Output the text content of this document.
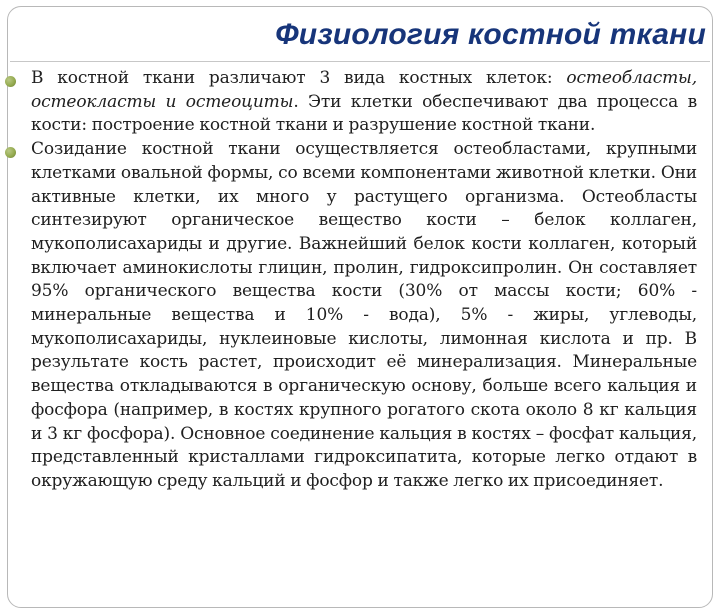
Физиология костной ткани
В костной ткани различают 3 вида костных клеток: остеобласты, остеокласты и остеоциты. Эти клетки обеспечивают два процесса в кости: построение костной ткани и разрушение костной ткани.
Созидание костной ткани осуществляется остеобластами, крупными клетками овальной формы, со всеми компонентами животной клетки. Они активные клетки, их много у растущего организма. Остеобласты синтезируют органическое вещество кости – белок коллаген, мукополисахариды и другие. Важнейший белок кости коллаген, который включает аминокислоты глицин, пролин, гидроксипролин. Он составляет 95% органического вещества кости (30% от массы кости; 60% - минеральные вещества и 10% - вода), 5% - жиры, углеводы, мукополисахариды, нуклеиновые кислоты, лимонная кислота и пр. В результате кость растет, происходит её минерализация. Минеральные вещества откладываются в органическую основу, больше всего кальция и фосфора (например, в костях крупного рогатого скота около 8 кг кальция и 3 кг фосфора). Основное соединение кальция в костях – фосфат кальция, представленный кристаллами гидроксипатита, которые легко отдают в окружающую среду кальций и фосфор и также легко их присоединяет.
